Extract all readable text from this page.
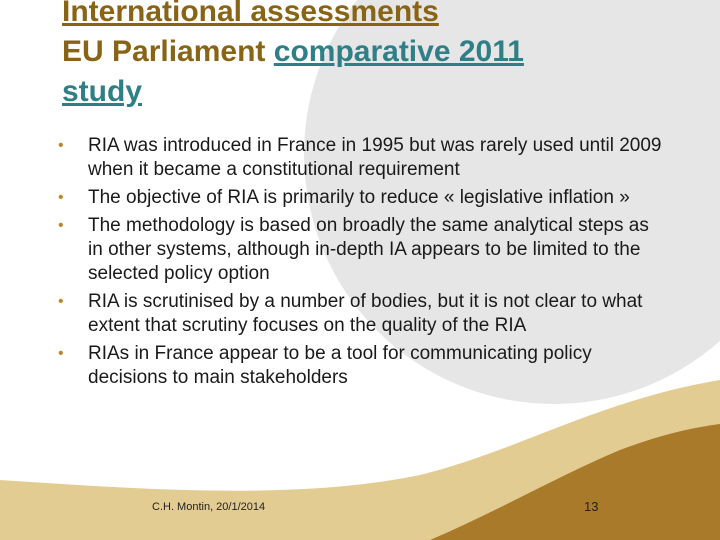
International assessments
EU Parliament comparative 2011
study
• RIA was introduced in France in 1995 but was rarely used until 2009 when it became a constitutional requirement
• The objective of RIA is primarily to reduce « legislative inflation »
• The methodology is based on broadly the same analytical steps as in other systems, although in-depth IA appears to be limited to the selected policy option
• RIA is scrutinised by a number of bodies, but it is not clear to what extent that scrutiny focuses on the quality of the RIA
• RIAs in France appear to be a tool for communicating policy decisions to main stakeholders
C.H. Montin, 20/1/2014	13
